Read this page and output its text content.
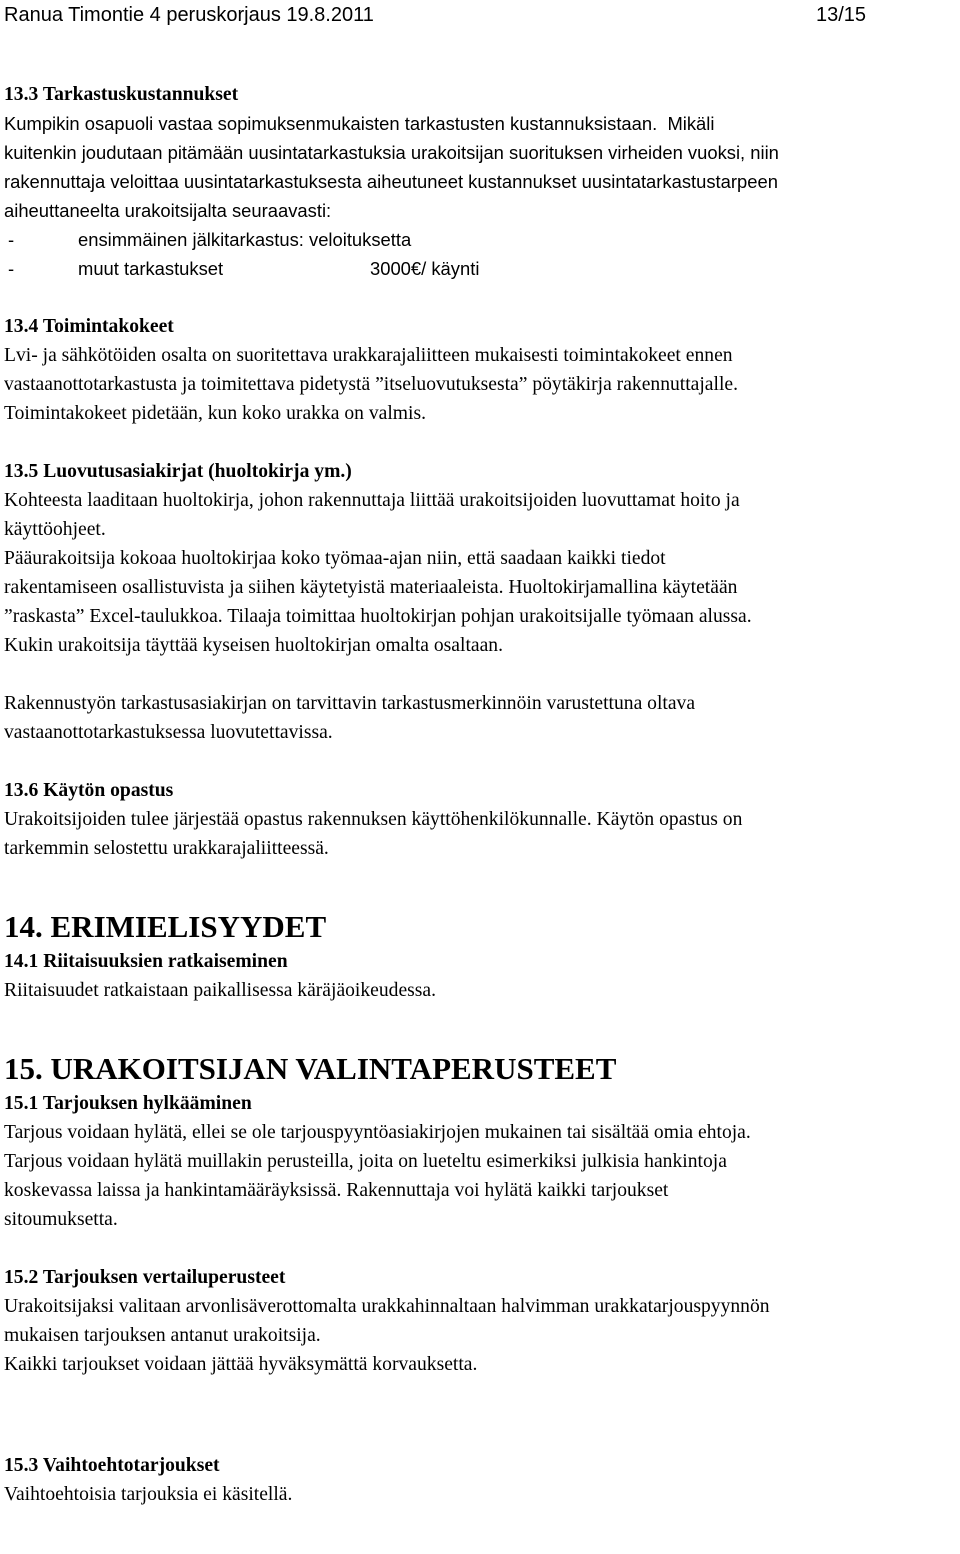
Ranua Timontie 4 peruskorjaus 19.8.2011	13/15

13.3 Tarkastuskustannukset

Kumpikin osapuoli vastaa sopimuksenmukaisten tarkastusten kustannuksistaan. Mikäli

kuitenkin joudutaan pitämään uusintatarkastuksia urakoitsijan suorituksen virheiden vuoksi, niin

rakennuttaja veloittaa uusintatarkastuksesta aiheutuneet kustannukset uusintatarkastustarpeen

aiheuttaneelta urakoitsijalta seuraavasti:

-	ensimmäinen jälkitarkastus: veloituksetta

-	muut tarkastukset	3000€/ käynti

13.4 Toimintakokeet

Lvi- ja sähkötöiden osalta on suoritettava urakkarajaliitteen mukaisesti toimintakokeet ennen

vastaanottotarkastusta ja toimitettava pidetystä ”itseluovutuksesta” pöytäkirja rakennuttajalle.

Toimintakokeet pidetään, kun koko urakka on valmis.

13.5 Luovutusasiakirjat (huoltokirja ym.)

Kohteesta laaditaan huoltokirja, johon rakennuttaja liittää urakoitsijoiden luovuttamat hoito ja

käyttöohjeet.

Pääurakoitsija kokoaa huoltokirjaa koko työmaa-ajan niin, että saadaan kaikki tiedot

rakentamiseen osallistuvista ja siihen käytetyistä materiaaleista. Huoltokirjamallina käytetään

”raskasta” Excel-taulukkoa. Tilaaja toimittaa huoltokirjan pohjan urakoitsijalle työmaan alussa.

Kukin urakoitsija täyttää kyseisen huoltokirjan omalta osaltaan.

Rakennustyön tarkastusasiakirjan on tarvittavin tarkastusmerkinnöin varustettuna oltava

vastaanottotarkastuksessa luovutettavissa.

13.6 Käytön opastus

Urakoitsijoiden tulee järjestää opastus rakennuksen käyttöhenkilökunnalle. Käytön opastus on

tarkemmin selostettu urakkarajaliitteessä.

14. ERIMIELISYYDET

14.1 Riitaisuuksien ratkaiseminen

Riitaisuudet ratkaistaan paikallisessa käräjäoikeudessa.

15. URAKOITSIJAN VALINTAPERUSTEET

15.1 Tarjouksen hylkääminen

Tarjous voidaan hylätä, ellei se ole tarjouspyyntöasiakirjojen mukainen tai sisältää omia ehtoja.

Tarjous voidaan hylätä muillakin perusteilla, joita on lueteltu esimerkiksi julkisia hankintoja

koskevassa laissa ja hankintamääräyksissä. Rakennuttaja voi hylätä kaikki tarjoukset

sitoumuksetta.

15.2 Tarjouksen vertailuperusteet

Urakoitsijaksi valitaan arvonlisäverottomalta urakkahinnaltaan halvimman urakkatarjouspyynnön

mukaisen tarjouksen antanut urakoitsija.

Kaikki tarjoukset voidaan jättää hyväksymättä korvauksetta.

15.3 Vaihtoehtotarjoukset

Vaihtoehtoisia tarjouksia ei käsitellä.
